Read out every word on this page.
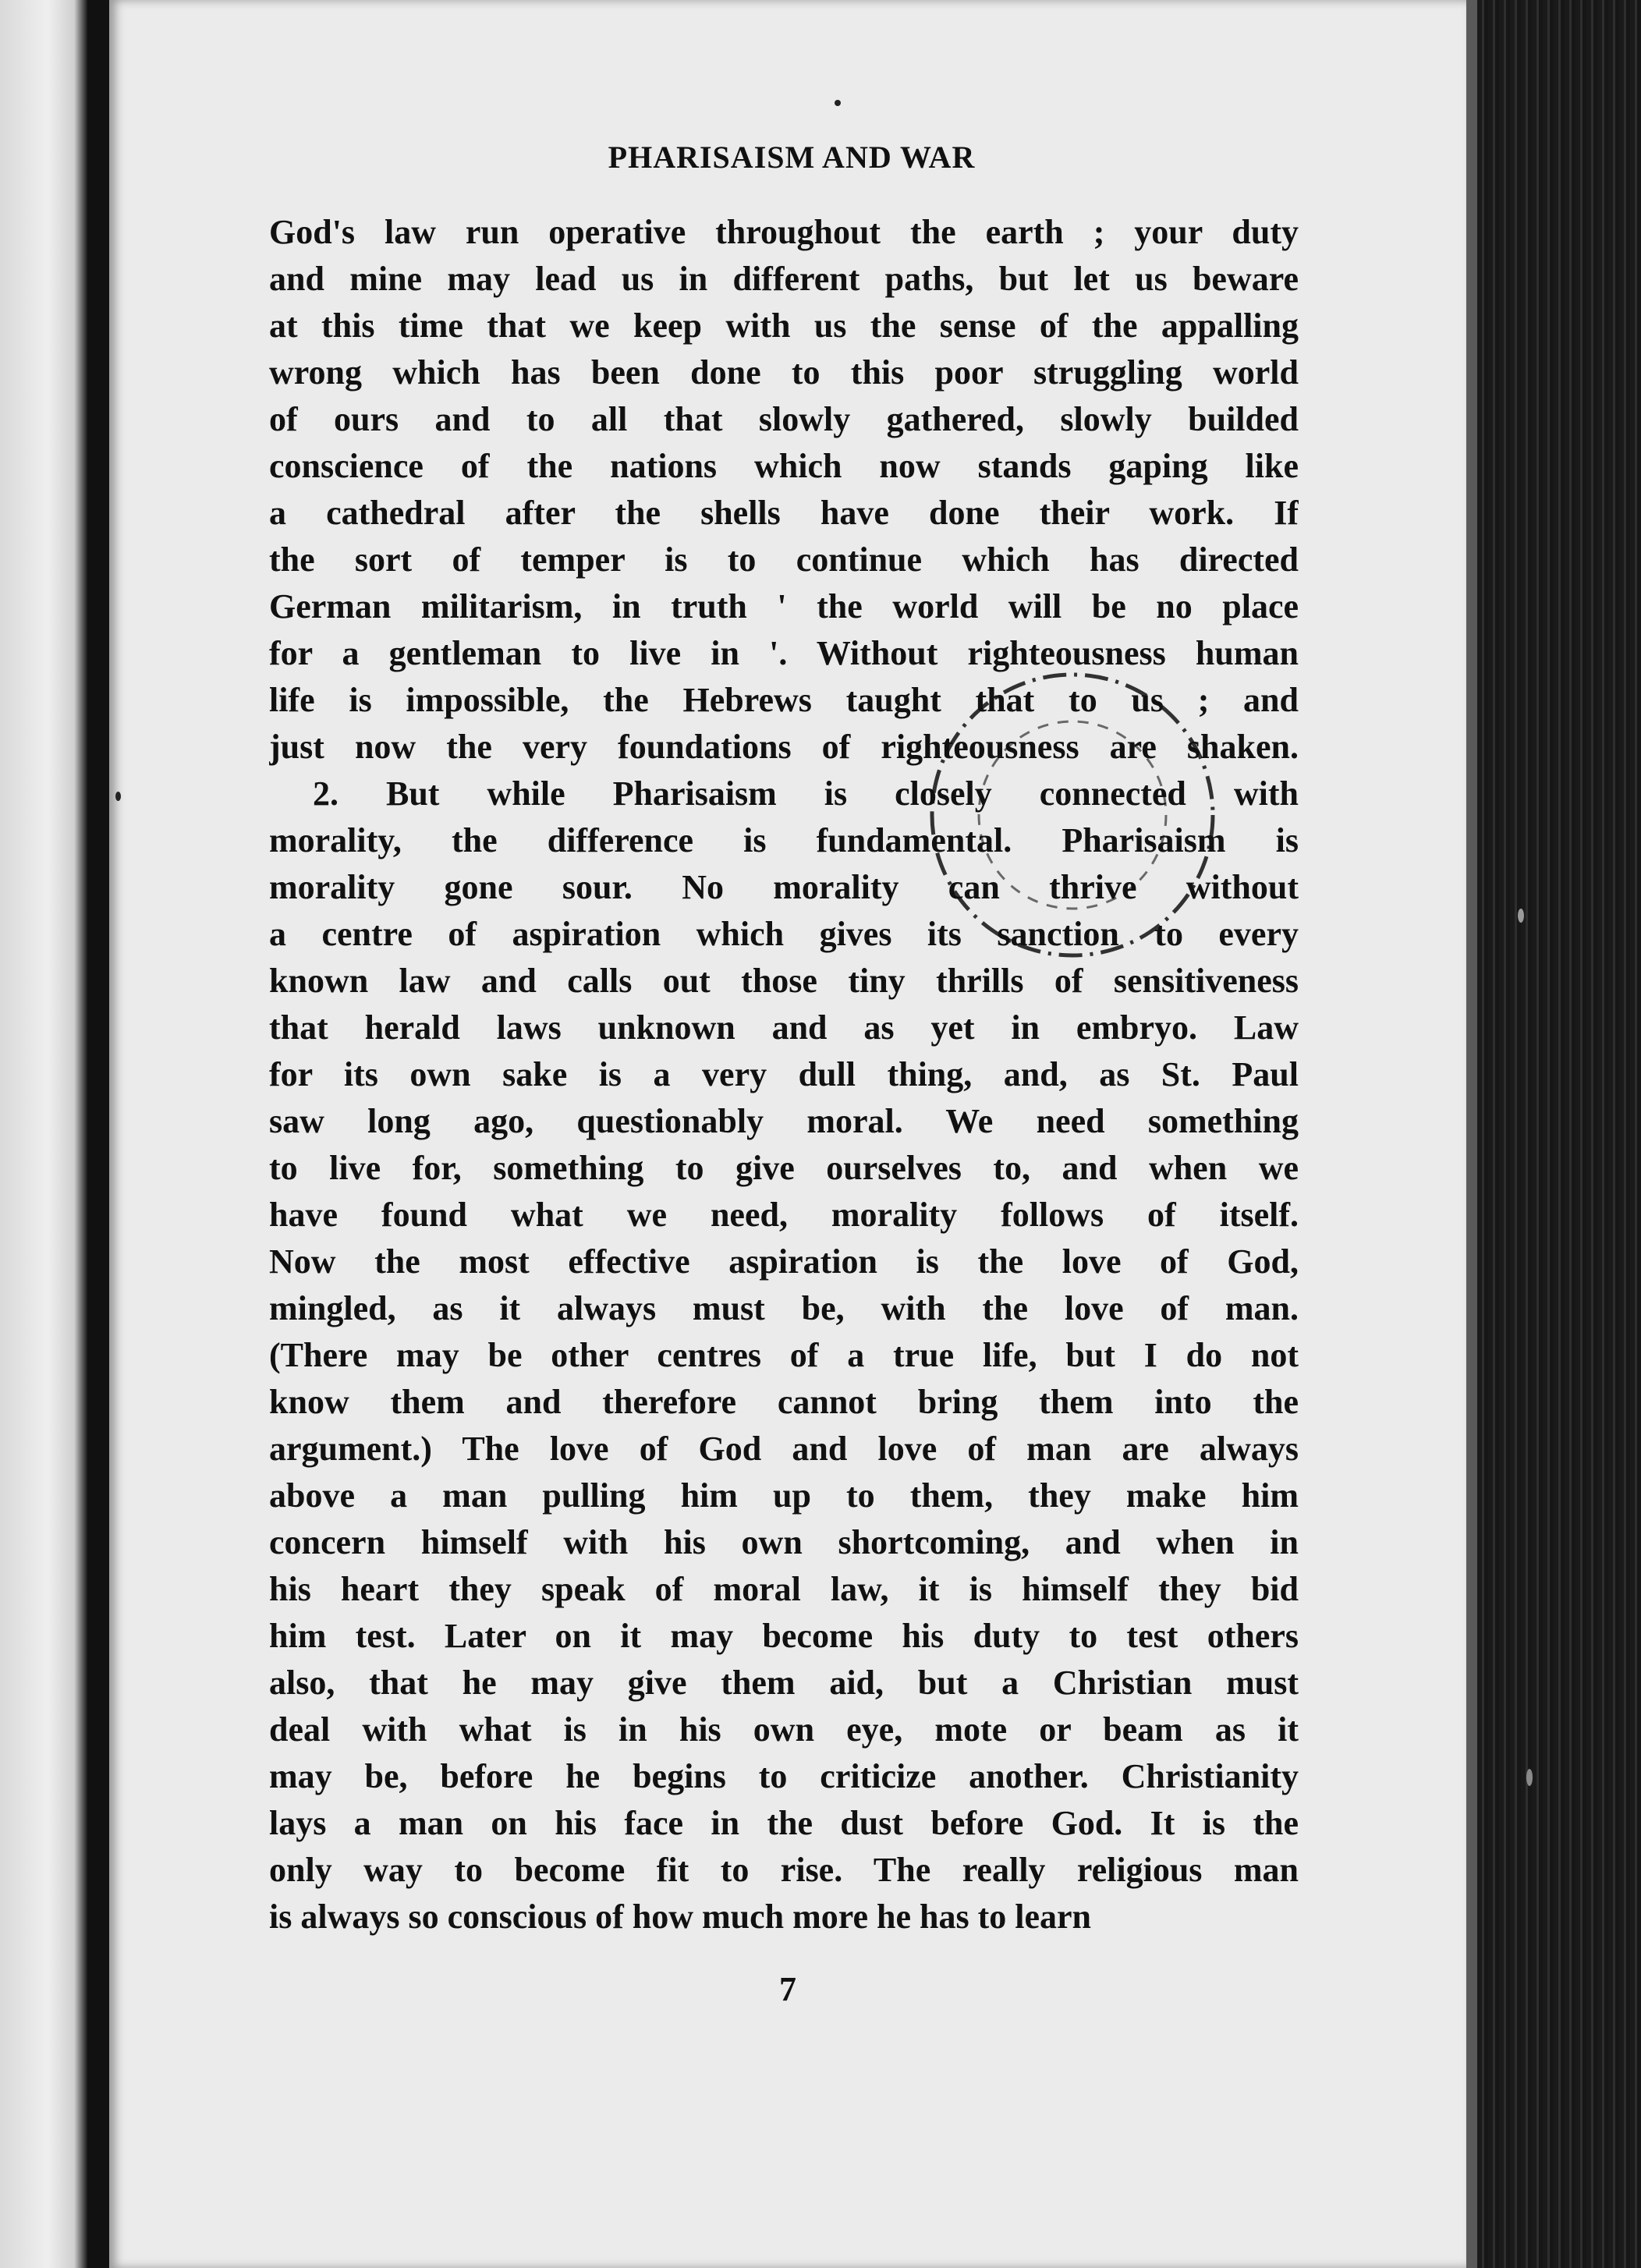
PHARISAISM AND WAR
God's law run operative throughout the earth ; your duty
and mine may lead us in different paths, but let us beware
at this time that we keep with us the sense of the appalling
wrong which has been done to this poor struggling world
of ours and to all that slowly gathered, slowly builded
conscience of the nations which now stands gaping like
a cathedral after the shells have done their work. If
the sort of temper is to continue which has directed
German militarism, in truth ' the world will be no place
for a gentleman to live in '. Without righteousness human
life is impossible, the Hebrews taught that to us ; and
just now the very foundations of righteousness are shaken.
2. But while Pharisaism is closely connected with
morality, the difference is fundamental. Pharisaism is
morality gone sour. No morality can thrive without
a centre of aspiration which gives its sanction to every
known law and calls out those tiny thrills of sensitiveness
that herald laws unknown and as yet in embryo. Law
for its own sake is a very dull thing, and, as St. Paul
saw long ago, questionably moral. We need something
to live for, something to give ourselves to, and when we
have found what we need, morality follows of itself.
Now the most effective aspiration is the love of God,
mingled, as it always must be, with the love of man.
(There may be other centres of a true life, but I do not
know them and therefore cannot bring them into the
argument.) The love of God and love of man are always
above a man pulling him up to them, they make him
concern himself with his own shortcoming, and when in
his heart they speak of moral law, it is himself they bid
him test. Later on it may become his duty to test others
also, that he may give them aid, but a Christian must
deal with what is in his own eye, mote or beam as it
may be, before he begins to criticize another. Christianity
lays a man on his face in the dust before God. It is the
only way to become fit to rise. The really religious man
is always so conscious of how much more he has to learn
7
